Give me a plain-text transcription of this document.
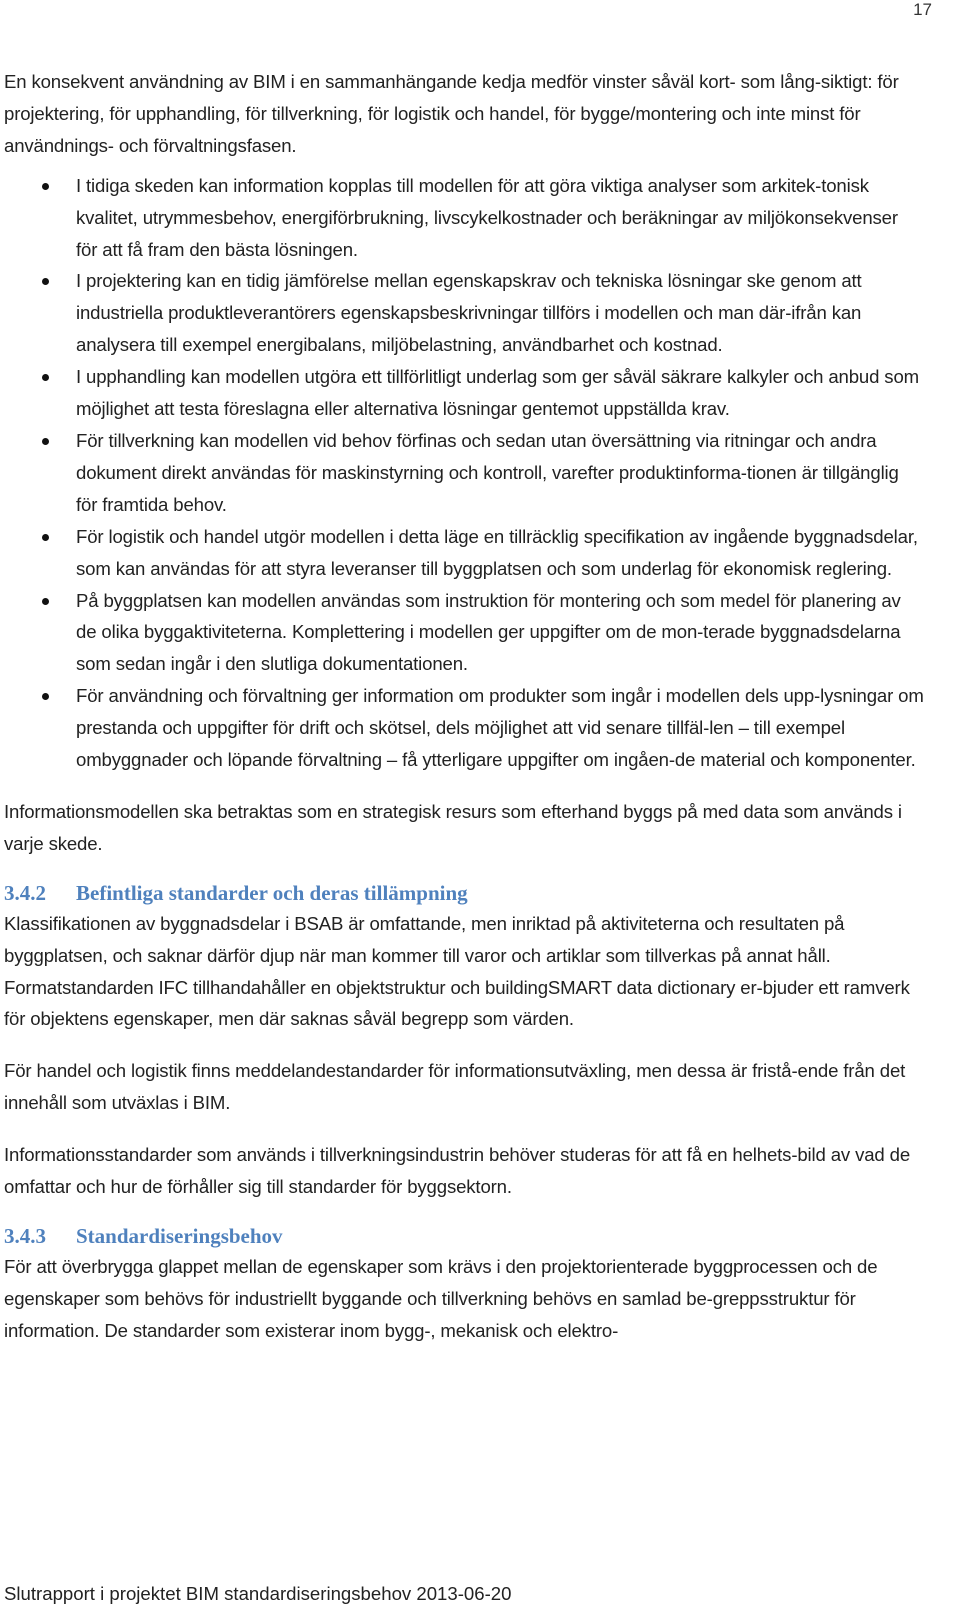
17

En konsekvent användning av BIM i en sammanhängande kedja medför vinster såväl kort- som lång-siktigt: för projektering, för upphandling, för tillverkning, för logistik och handel, för bygge/montering och inte minst för användnings- och förvaltningsfasen.

I tidiga skeden kan information kopplas till modellen för att göra viktiga analyser som arkitek-tonisk kvalitet, utrymmesbehov, energiförbrukning, livscykelkostnader och beräkningar av miljökonsekvenser för att få fram den bästa lösningen.
I projektering kan en tidig jämförelse mellan egenskapskrav och tekniska lösningar ske genom att industriella produktleverantörers egenskapsbeskrivningar tillförs i modellen och man där-ifrån kan analysera till exempel energibalans, miljöbelastning, användbarhet och kostnad.
I upphandling kan modellen utgöra ett tillförlitligt underlag som ger såväl säkrare kalkyler och anbud som möjlighet att testa föreslagna eller alternativa lösningar gentemot uppställda krav.
För tillverkning kan modellen vid behov förfinas och sedan utan översättning via ritningar och andra dokument direkt användas för maskinstyrning och kontroll, varefter produktinforma-tionen är tillgänglig för framtida behov.
För logistik och handel utgör modellen i detta läge en tillräcklig specifikation av ingående byggnadsdelar, som kan användas för att styra leveranser till byggplatsen och som underlag för ekonomisk reglering.
På byggplatsen kan modellen användas som instruktion för montering och som medel för planering av de olika byggaktiviteterna. Komplettering i modellen ger uppgifter om de mon-terade byggnadsdelarna som sedan ingår i den slutliga dokumentationen.
För användning och förvaltning ger information om produkter som ingår i modellen dels upp-lysningar om prestanda och uppgifter för drift och skötsel, dels möjlighet att vid senare tillfäl-len – till exempel ombyggnader och löpande förvaltning – få ytterligare uppgifter om ingåen-de material och komponenter.

Informationsmodellen ska betraktas som en strategisk resurs som efterhand byggs på med data som används i varje skede.

3.4.2 Befintliga standarder och deras tillämpning

Klassifikationen av byggnadsdelar i BSAB är omfattande, men inriktad på aktiviteterna och resultaten på byggplatsen, och saknar därför djup när man kommer till varor och artiklar som tillverkas på annat håll. Formatstandarden IFC tillhandahåller en objektstruktur och buildingSMART data dictionary er-bjuder ett ramverk för objektens egenskaper, men där saknas såväl begrepp som värden.

För handel och logistik finns meddelandestandarder för informationsutväxling, men dessa är fristå-ende från det innehåll som utväxlas i BIM.

Informationsstandarder som används i tillverkningsindustrin behöver studeras för att få en helhets-bild av vad de omfattar och hur de förhåller sig till standarder för byggsektorn.

3.4.3 Standardiseringsbehov

För att överbrygga glappet mellan de egenskaper som krävs i den projektorienterade byggprocessen och de egenskaper som behövs för industriellt byggande och tillverkning behövs en samlad be-greppsstruktur för information. De standarder som existerar inom bygg-, mekanisk och elektro-

Slutrapport i projektet BIM standardiseringsbehov 2013-06-20
